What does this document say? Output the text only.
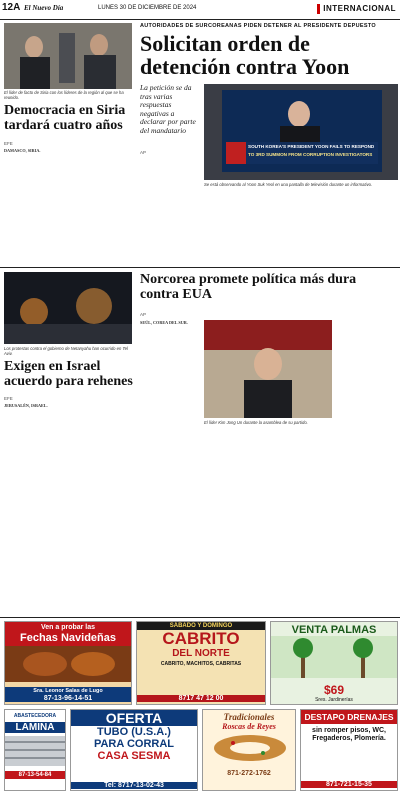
12A El Nuevo Día	LUNES 30 DE DICIEMBRE DE 2024	INTERNACIONAL
El líder de facto de Siria con los líderes de la región al que se ha reunido.
Democracia en Siria tardará cuatro años
EFE
DAMASCO, SIRIA.
AUTORIDADES DE SURCOREANAS PIDEN DETENER AL PRESIDENTE DEPUESTO
Solicitan orden de detención contra Yoon
La petición se da tras varias respuestas negativas a declarar por parte del mandatario
AP
SOUTH KOREA'S PRESIDENT YOON FAILS TO RESPOND
TO 3RD SUMMON FROM CORRUPTION INVESTIGATORS
Se está observando al Yoon Suk Yeol en una pantalla de televisión durante un informativo.
Los protestas contra el gobierno de Netanyahu han ocurrido en Tel Aviv.
Exigen en Israel acuerdo para rehenes
EFE
JERUSALÉN, ISRAEL.
Norcorea promete política más dura contra EUA
AP
SEÚL, COREA DEL SUR.
El líder Kim Jong Un durante la asamblea de su partido.
Ven a probar las
Fechas Navideñas
Sra. Leonor Salas de Lugo
87-13-96-14-51
SÁBADO Y DOMINGO
CABRITO
DEL NORTE
CABRITO, MACHITOS, CABRITAS
8717 47 12 00
VENTA PALMAS
$69
Sres. Jardinerías
ABASTECEDORA
LAMINA
87-13-54-84
OFERTA
TUBO (U.S.A.)
PARA CORRAL
CASA SESMA
Tel: 8717-13-02-43
Tradicionales
Roscas de Reyes
871-272-1762
DESTAPO DRENAJES
sin romper pisos, WC, Fregaderos, Plomería.
871-721-15-35
